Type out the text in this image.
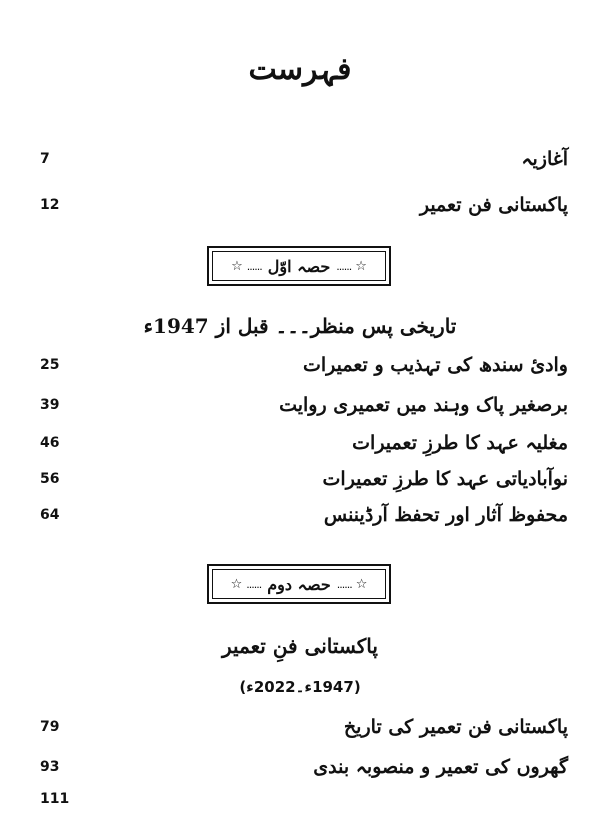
فہرست
7	آغازیہ
12	پاکستانی فن تعمیر
☆ ...... حصہ اوّل ...... ☆
تاریخی پس منظر۔۔۔ قبل از 1947ء
25	وادیٔ سندھ کی تہذیب و تعمیرات
39	برصغیر پاک وہند میں تعمیری روایت
46	مغلیہ عہد کا طرزِ تعمیرات
56	نوآبادیاتی عہد کا طرزِ تعمیرات
64	محفوظ آثار اور تحفظ آرڈیننس
☆ ...... حصہ دوم ...... ☆
پاکستانی فنِ تعمیر
(1947ء۔2022ء)
79	پاکستانی فن تعمیر کی تاریخ
93	گھروں کی تعمیر و منصوبہ بندی
111
